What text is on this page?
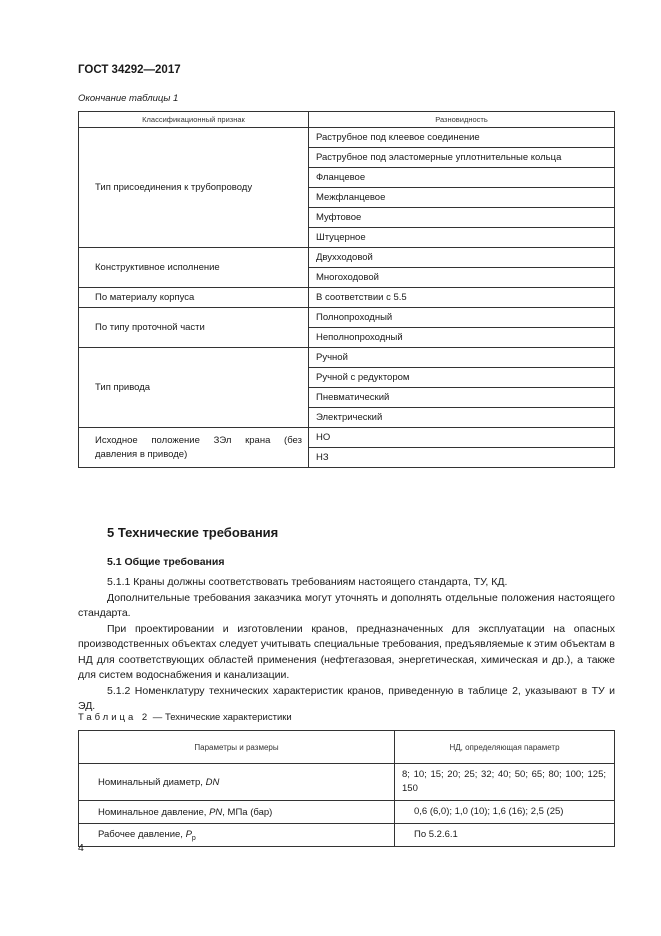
ГОСТ 34292—2017
Окончание таблицы 1
Классификационный признак	Разновидность
Тип присоединения к трубопроводу	Раструбное под клеевое соединение
	Раструбное под эластомерные уплотнительные кольца
	Фланцевое
	Межфланцевое
	Муфтовое
	Штуцерное
Конструктивное исполнение	Двухходовой
	Многоходовой
По материалу корпуса	В соответствии с 5.5
По типу проточной части	Полнопроходный
	Неполнопроходный
Тип привода	Ручной
	Ручной с редуктором
	Пневматический
	Электрический
Исходное положение ЗЭл крана (без давления в приводе)	НО
	НЗ
5 Технические требования
5.1 Общие требования

5.1.1 Краны должны соответствовать требованиям настоящего стандарта, ТУ, КД.

Дополнительные требования заказчика могут уточнять и дополнять отдельные положения настоящего стандарта.

При проектировании и изготовлении кранов, предназначенных для эксплуатации на опасных производственных объектах следует учитывать специальные требования, предъявляемые к этим объектам в НД для соответствующих областей применения (нефтегазовая, энергетическая, химическая и др.), а также для систем водоснабжения и канализации.

5.1.2 Номенклатуру технических характеристик кранов, приведенную в таблице 2, указывают в ТУ и ЭД.

Таблица 2 — Технические характеристики
Параметры и размеры	НД, определяющая параметр
Номинальный диаметр, DN	8; 10; 15; 20; 25; 32; 40; 50; 65; 80; 100; 125; 150
Номинальное давление, PN, МПа (бар)	0,6 (6,0); 1,0 (10); 1,6 (16); 2,5 (25)
Рабочее давление, $P_р$	По 5.2.6.1
4
